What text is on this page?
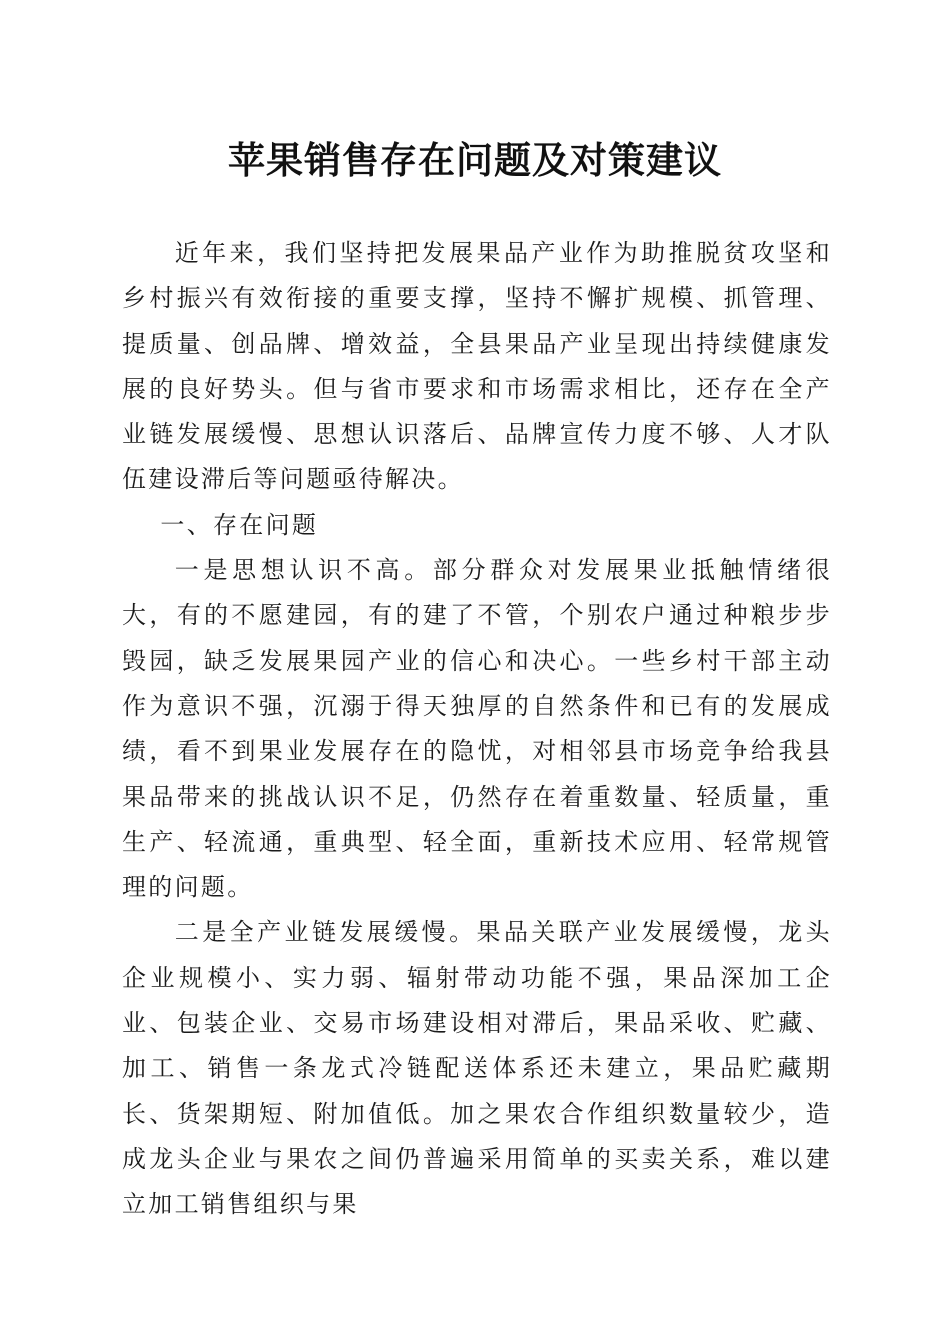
苹果销售存在问题及对策建议

近年来，我们坚持把发展果品产业作为助推脱贫攻坚和乡村振兴有效衔接的重要支撑，坚持不懈扩规模、抓管理、提质量、创品牌、增效益，全县果品产业呈现出持续健康发展的良好势头。但与省市要求和市场需求相比，还存在全产业链发展缓慢、思想认识落后、品牌宣传力度不够、人才队伍建设滞后等问题亟待解决。

一、存在问题

一是思想认识不高。部分群众对发展果业抵触情绪很大，有的不愿建园，有的建了不管，个别农户通过种粮步步毁园，缺乏发展果园产业的信心和决心。一些乡村干部主动作为意识不强，沉溺于得天独厚的自然条件和已有的发展成绩，看不到果业发展存在的隐忧，对相邻县市场竞争给我县果品带来的挑战认识不足，仍然存在着重数量、轻质量，重生产、轻流通，重典型、轻全面，重新技术应用、轻常规管理的问题。

二是全产业链发展缓慢。果品关联产业发展缓慢，龙头企业规模小、实力弱、辐射带动功能不强，果品深加工企业、包装企业、交易市场建设相对滞后，果品采收、贮藏、加工、销售一条龙式冷链配送体系还未建立，果品贮藏期长、货架期短、附加值低。加之果农合作组织数量较少，造成龙头企业与果农之间仍普遍采用简单的买卖关系，难以建立加工销售组织与果
